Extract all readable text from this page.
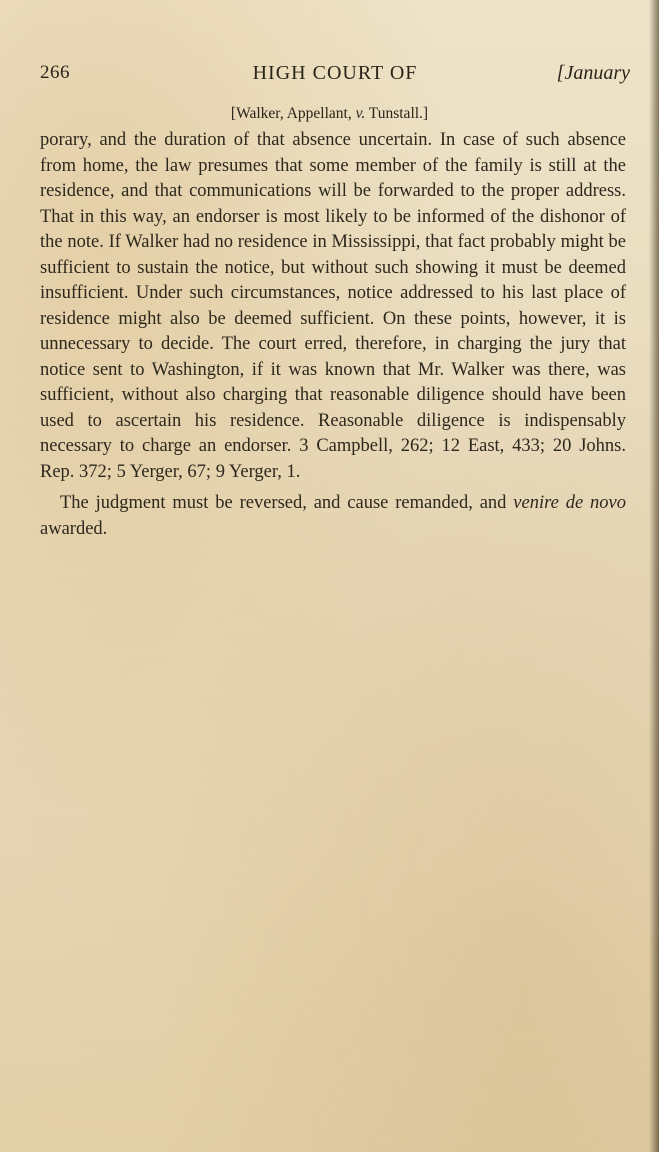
266	HIGH COURT OF	[January
[Walker, Appellant, v. Tunstall.]

porary, and the duration of that absence uncertain. In case of such absence from home, the law presumes that some member of the family is still at the residence, and that communications will be forwarded to the proper address. That in this way, an endorser is most likely to be informed of the dishonor of the note. If Walker had no residence in Mississippi, that fact probably might be sufficient to sustain the notice, but without such showing it must be deemed insufficient. Under such circumstances, notice addressed to his last place of residence might also be deemed sufficient. On these points, however, it is unnecessary to decide. The court erred, therefore, in charging the jury that notice sent to Washington, if it was known that Mr. Walker was there, was sufficient, without also charging that reasonable diligence should have been used to ascertain his residence. Reasonable diligence is indispensably necessary to charge an endorser. 3 Campbell, 262; 12 East, 433; 20 Johns. Rep. 372; 5 Yerger, 67; 9 Yerger, 1.

The judgment must be reversed, and cause remanded, and venire de novo awarded.
